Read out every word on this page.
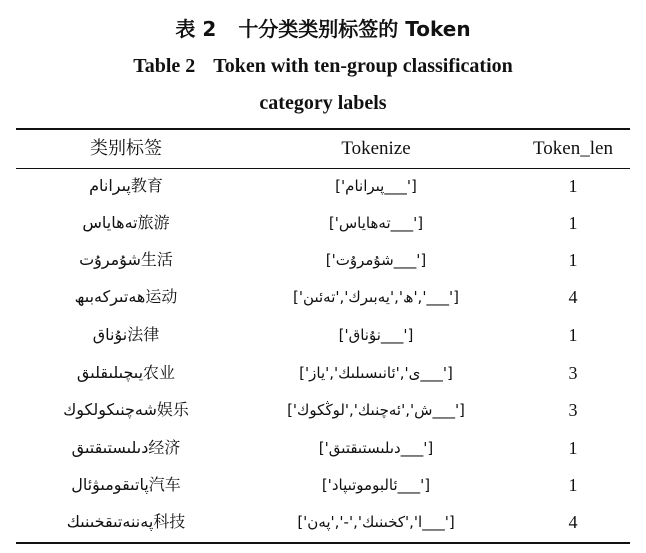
表 2 十分类类别标签的 Token
Table 2 Token with ten-group classification
category labels
类别标签	Tokenize	Token_len
پىرانام教育	['پىرانام___']	1
تەھاياس旅游	['تەھاياس___']	1
شۇمرۇت生活	['شۇمرۇت___']	1
ھەتىركەبىھ运动	['ھ','ي​ەبىرك','تەئىن','___']	4
نۇناق法律	['نۇناق___']	1
يىچىلىقلىق农业	['ى','ئانىسىلىك','ياز___']	3
شەچنىكولكوك娱乐	['ش','ئەچنىك','لوڭكوك___']	3
دىلىستىقتىق经济	['دىلىستىقتىق___']	1
پاتىقومىۋئال汽车	['ئالبوموتىپاد___']	1
پەننەتىقخىنىك科技	['ا','كخىنىك','-','پەن___']	4
